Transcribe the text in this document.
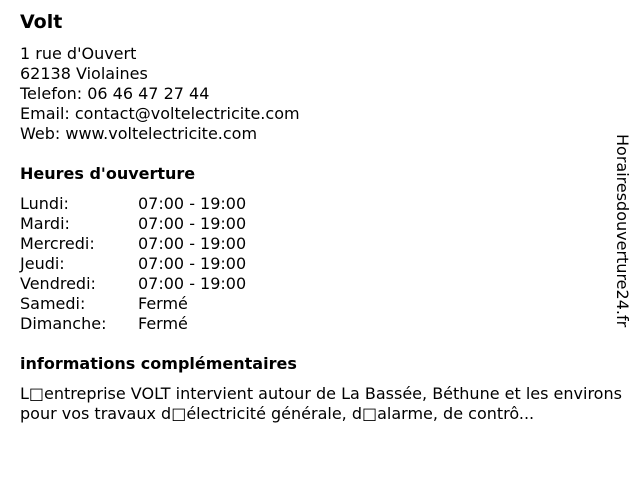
Volt
1 rue d'Ouvert
62138 Violaines
Telefon: 06 46 47 27 44
Email: contact@voltelectricite.com
Web: www.voltelectricite.com
Heures d'ouverture
Lundi:	07:00 - 19:00
Mardi:	07:00 - 19:00
Mercredi:	07:00 - 19:00
Jeudi:	07:00 - 19:00
Vendredi:	07:00 - 19:00
Samedi:	Fermé
Dimanche: Fermé
informations complémentaires
L□entreprise VOLT intervient autour de La Bassée, Béthune et les environs pour vos travaux d□électricité générale, d□alarme, de contrô...
Horairesdouverture24.fr
